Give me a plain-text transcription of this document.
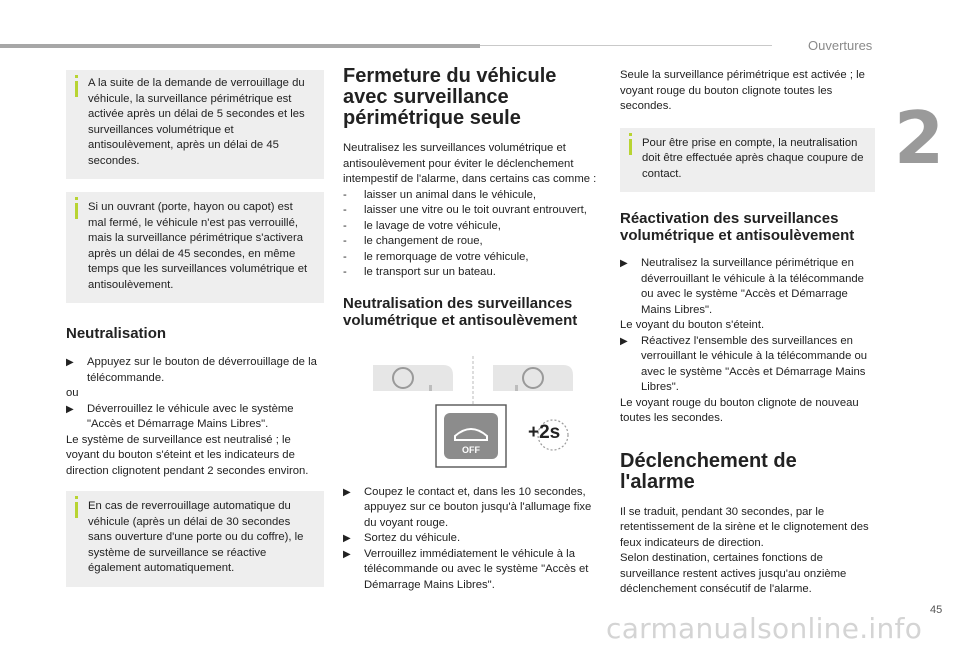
Ouvertures
2

A la suite de la demande de verrouillage du véhicule, la surveillance périmétrique est activée après un délai de 5 secondes et les surveillances volumétrique et antisoulèvement, après un délai de 45 secondes.

Si un ouvrant (porte, hayon ou capot) est mal fermé, le véhicule n'est pas verrouillé, mais la surveillance périmétrique s'activera après un délai de 45 secondes, en même temps que les surveillances volumétrique et antisoulèvement.

Neutralisation
▶ Appuyez sur le bouton de déverrouillage de la télécommande.

ou

▶ Déverrouillez le véhicule avec le système "Accès et Démarrage Mains Libres".

Le système de surveillance est neutralisé ; le voyant du bouton s'éteint et les indicateurs de direction clignotent pendant 2 secondes environ.

En cas de reverrouillage automatique du véhicule (après un délai de 30 secondes sans ouverture d'une porte ou du coffre), le système de surveillance se réactive également automatiquement.

Fermeture du véhicule avec surveillance périmétrique seule

Neutralisez les surveillances volumétrique et antisoulèvement pour éviter le déclenchement intempestif de l'alarme, dans certains cas comme :

- laisser un animal dans le véhicule,
- laisser une vitre ou le toit ouvrant entrouvert,
- le lavage de votre véhicule,
- le changement de roue,
- le remorquage de votre véhicule,
- le transport sur un bateau.
Neutralisation des surveillances volumétrique et antisoulèvement
OFF
+2s
▶ Coupez le contact et, dans les 10 secondes, appuyez sur ce bouton jusqu'à l'allumage fixe du voyant rouge.
▶ Sortez du véhicule.
▶ Verrouillez immédiatement le véhicule à la télécommande ou avec le système "Accès et Démarrage Mains Libres".

Seule la surveillance périmétrique est activée ; le voyant rouge du bouton clignote toutes les secondes.

Pour être prise en compte, la neutralisation doit être effectuée après chaque coupure de contact.

Réactivation des surveillances volumétrique et antisoulèvement
▶ Neutralisez la surveillance périmétrique en déverrouillant le véhicule à la télécommande ou avec le système "Accès et Démarrage Mains Libres".

Le voyant du bouton s'éteint.

▶ Réactivez l'ensemble des surveillances en verrouillant le véhicule à la télécommande ou avec le système "Accès et Démarrage Mains Libres".

Le voyant rouge du bouton clignote de nouveau toutes les secondes.

Déclenchement de l'alarme

Il se traduit, pendant 30 secondes, par le retentissement de la sirène et le clignotement des feux indicateurs de direction.

Selon destination, certaines fonctions de surveillance restent actives jusqu'au onzième déclenchement consécutif de l'alarme.

45
carmanualsonline.info
